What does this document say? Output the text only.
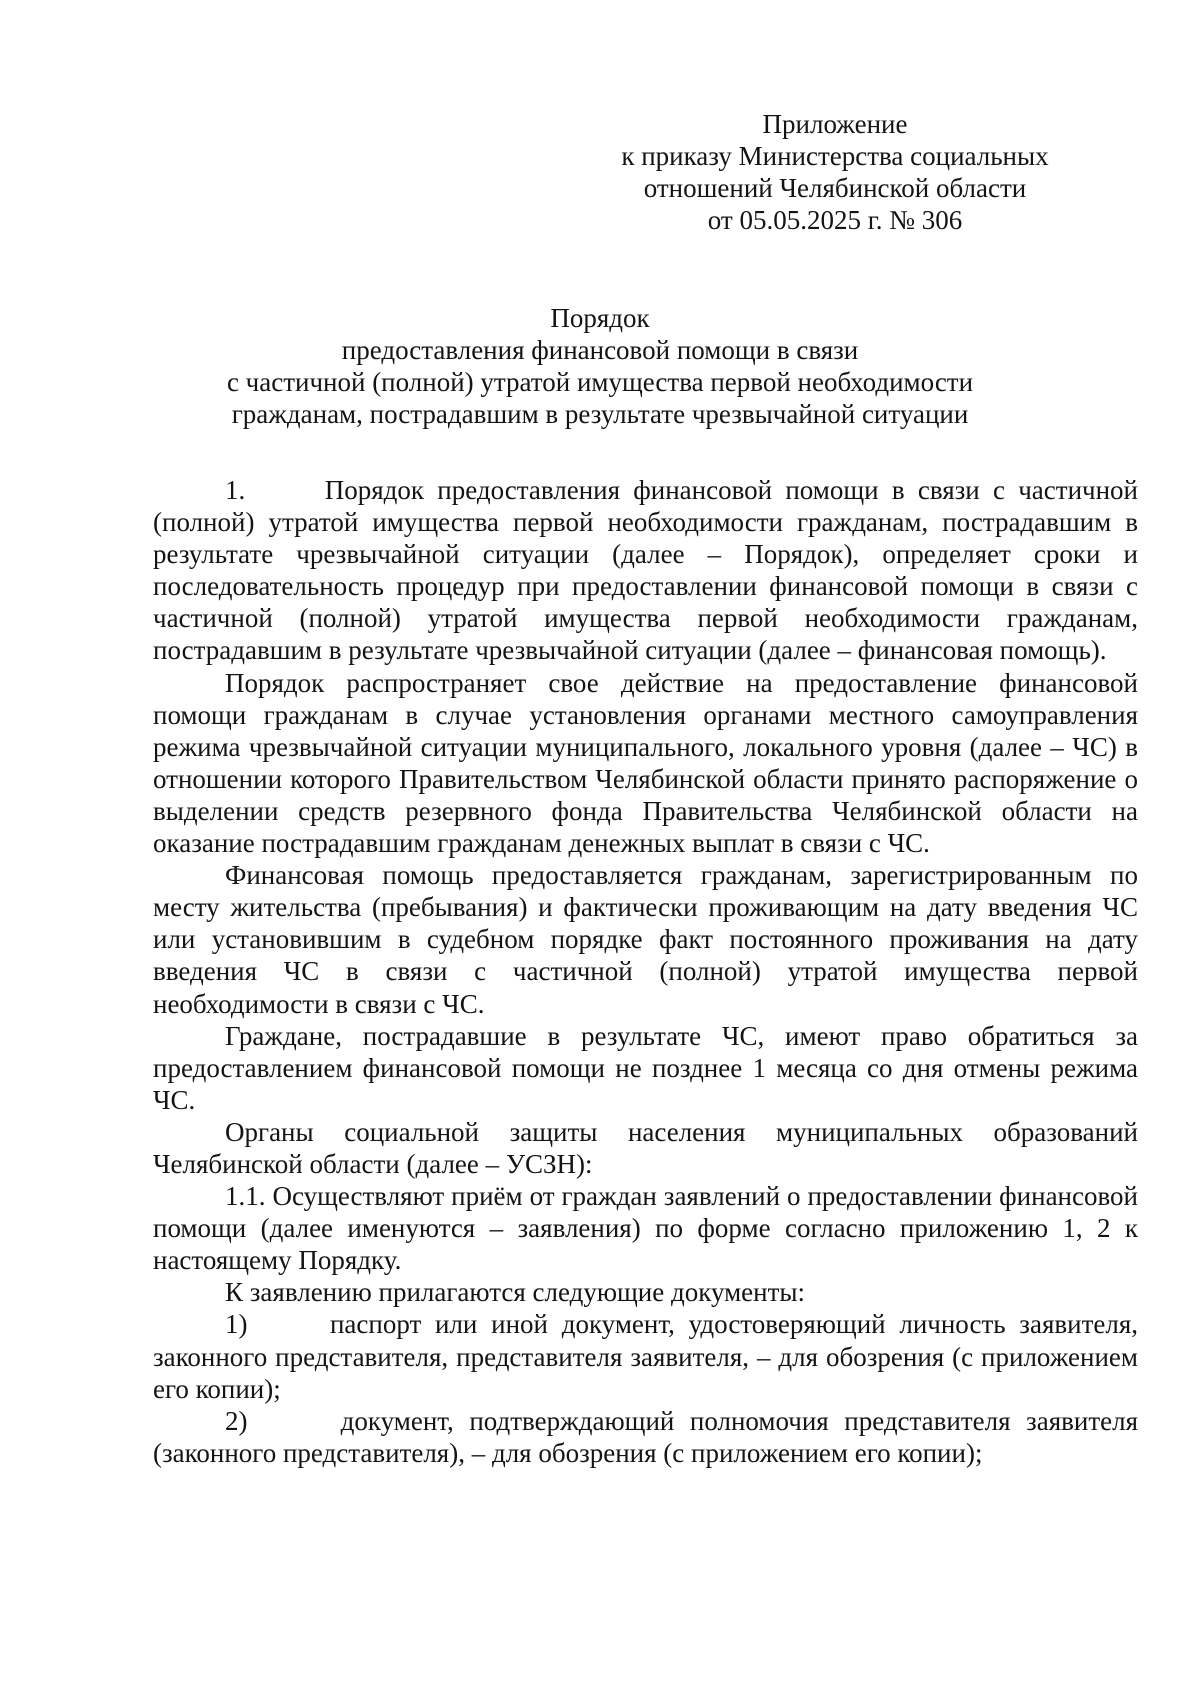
Приложение
к приказу Министерства социальных
отношений Челябинской области
от 05.05.2025 г. № 306
Порядок
предоставления финансовой помощи в связи
с частичной (полной) утратой имущества первой необходимости
гражданам, пострадавшим в результате чрезвычайной ситуации

1.      Порядок предоставления финансовой помощи в связи с частичной (полной) утратой имущества первой необходимости гражданам, пострадавшим в результате чрезвычайной ситуации (далее – Порядок), определяет сроки и последовательность процедур при предоставлении финансовой помощи в связи с частичной (полной) утратой имущества первой необходимости гражданам, пострадавшим в результате чрезвычайной ситуации (далее – финансовая помощь).

Порядок распространяет свое действие на предоставление финансовой помощи гражданам в случае установления органами местного самоуправления режима чрезвычайной ситуации муниципального, локального уровня (далее – ЧС) в отношении которого Правительством Челябинской области принято распоряжение о выделении средств резервного фонда Правительства Челябинской области на оказание пострадавшим гражданам денежных выплат в связи с ЧС.

Финансовая помощь предоставляется гражданам, зарегистрированным по месту жительства (пребывания) и фактически проживающим на дату введения ЧС или установившим в судебном порядке факт постоянного проживания на дату введения ЧС в связи с частичной (полной) утратой имущества первой необходимости в связи с ЧС.

Граждане, пострадавшие в результате ЧС, имеют право обратиться за предоставлением финансовой помощи не позднее 1 месяца со дня отмены режима ЧС.

Органы социальной защиты населения муниципальных образований Челябинской области (далее – УСЗН):

1.1. Осуществляют приём от граждан заявлений о предоставлении финансовой помощи (далее именуются – заявления) по форме согласно приложению 1, 2 к настоящему Порядку.

К заявлению прилагаются следующие документы:

1)      паспорт или иной документ, удостоверяющий личность заявителя, законного представителя, представителя заявителя, – для обозрения (с приложением его копии);

2)      документ, подтверждающий полномочия представителя заявителя (законного представителя), – для обозрения (с приложением его копии);
